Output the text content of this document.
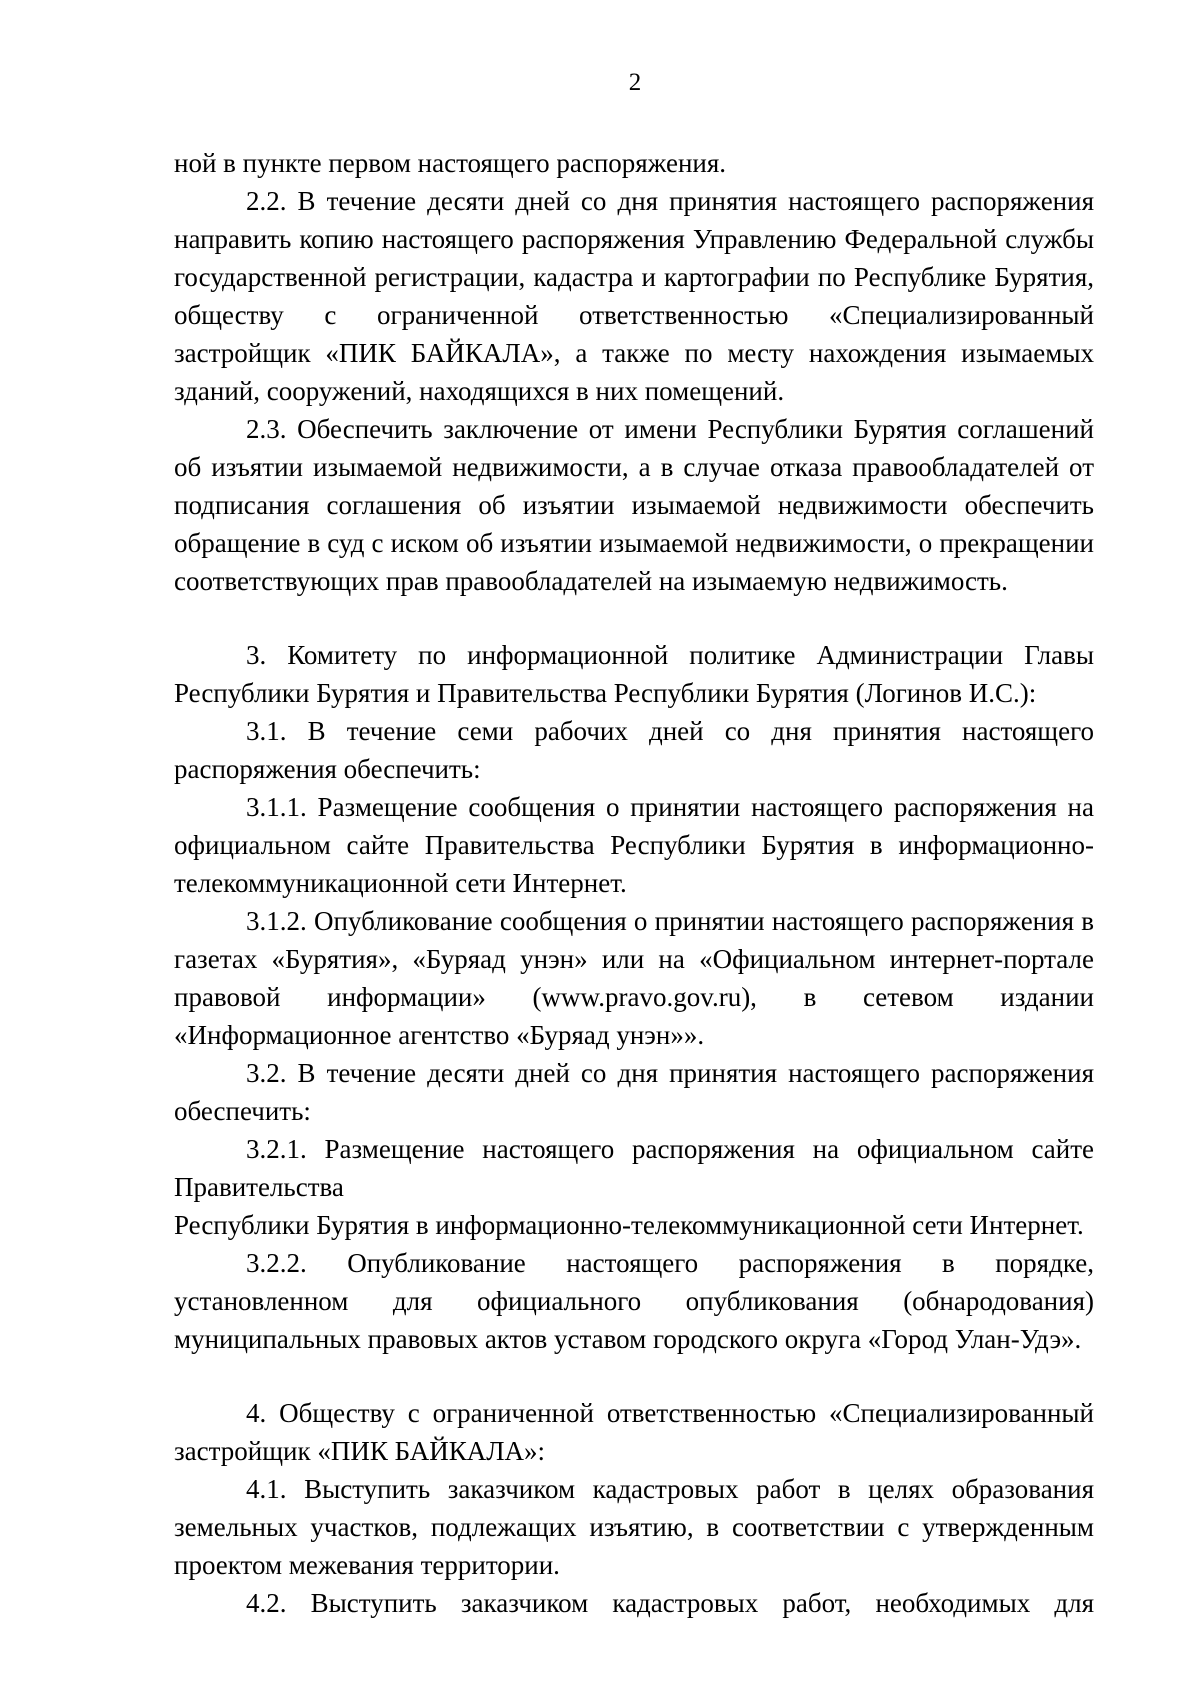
2

ной в пункте первом настоящего распоряжения.

2.2. В течение десяти дней со дня принятия настоящего распоряжения направить копию настоящего распоряжения Управлению Федеральной службы государственной регистрации, кадастра и картографии по Республике Бурятия, обществу с ограниченной ответственностью «Специализированный застройщик «ПИК БАЙКАЛА», а также по месту нахождения изымаемых зданий, сооружений, находящихся в них помещений.

2.3. Обеспечить заключение от имени Республики Бурятия соглашений об изъятии изымаемой недвижимости, а в случае отказа правообладателей от подписания соглашения об изъятии изымаемой недвижимости обеспечить обращение в суд с иском об изъятии изымаемой недвижимости, о прекращении соответствующих прав правообладателей на изымаемую недвижимость.

3. Комитету по информационной политике Администрации Главы Республики Бурятия и Правительства Республики Бурятия (Логинов И.С.):

3.1. В течение семи рабочих дней со дня принятия настоящего распоряжения обеспечить:

3.1.1. Размещение сообщения о принятии настоящего распоряжения на официальном сайте Правительства Республики Бурятия в информационно-телекоммуникационной сети Интернет.

3.1.2. Опубликование сообщения о принятии настоящего распоряжения в газетах «Бурятия», «Буряад унэн» или на «Официальном интернет-портале правовой информации» (www.pravo.gov.ru), в сетевом издании «Информационное агентство «Буряад унэн»».

3.2. В течение десяти дней со дня принятия настоящего распоряжения обеспечить:

3.2.1. Размещение настоящего распоряжения на официальном сайте Правительства

Республики Бурятия в информационно-телекоммуникационной сети Интернет.

3.2.2. Опубликование настоящего распоряжения в порядке, установленном для официального опубликования (обнародования) муниципальных правовых актов уставом городского округа «Город Улан-Удэ».

4. Обществу с ограниченной ответственностью «Специализированный застройщик «ПИК БАЙКАЛА»:

4.1. Выступить заказчиком кадастровых работ в целях образования земельных участков, подлежащих изъятию, в соответствии с утвержденным проектом межевания территории.

4.2. Выступить заказчиком кадастровых работ, необходимых для
